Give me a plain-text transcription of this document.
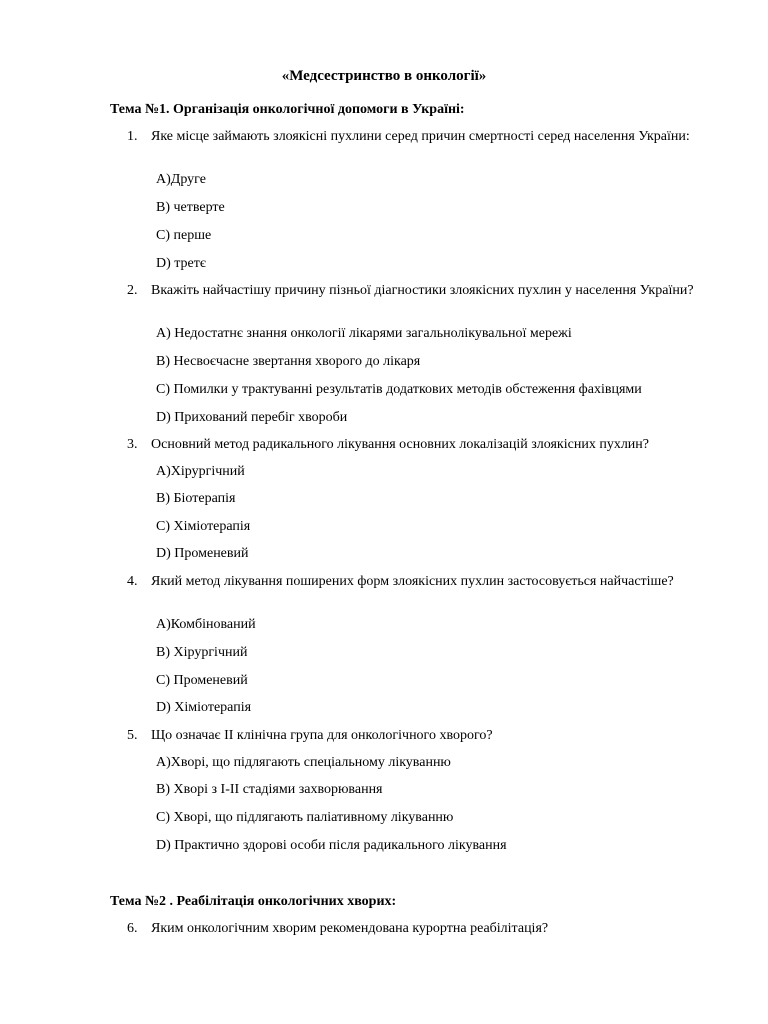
«Медсестринство в онкології»
Тема №1. Організація онкологічної допомоги в Україні:
1. Яке місце займають злоякісні пухлини серед причин смертності серед населення України:
А)Друге
В) четверте
С) перше
D) третє
2. Вкажіть найчастішу причину пізньої діагностики злоякісних пухлин у населення України?
А) Недостатнє знання онкології лікарями загальнолікувальної мережі
В) Несвоєчасне звертання хворого до лікаря
С) Помилки у трактуванні результатів додаткових методів обстеження фахівцями
D) Прихований перебіг хвороби
3. Основний метод радикального лікування основних локалізацій злоякісних пухлин?
А)Хірургічний
В) Біотерапія
С) Хіміотерапія
D) Променевий
4. Який метод лікування поширених форм злоякісних пухлин застосовується найчастіше?
А)Комбінований
В) Хірургічний
С) Променевий
D) Хіміотерапія
5. Що означає ІІ клінічна група для онкологічного хворого?
А)Хворі, що підлягають спеціальному лікуванню
В) Хворі з І-ІІ стадіями захворювання
С) Хворі, що підлягають паліативному лікуванню
D) Практично здорові особи після радикального лікування
Тема №2 . Реабілітація онкологічних хворих:
6. Яким онкологічним хворим рекомендована курортна реабілітація?
